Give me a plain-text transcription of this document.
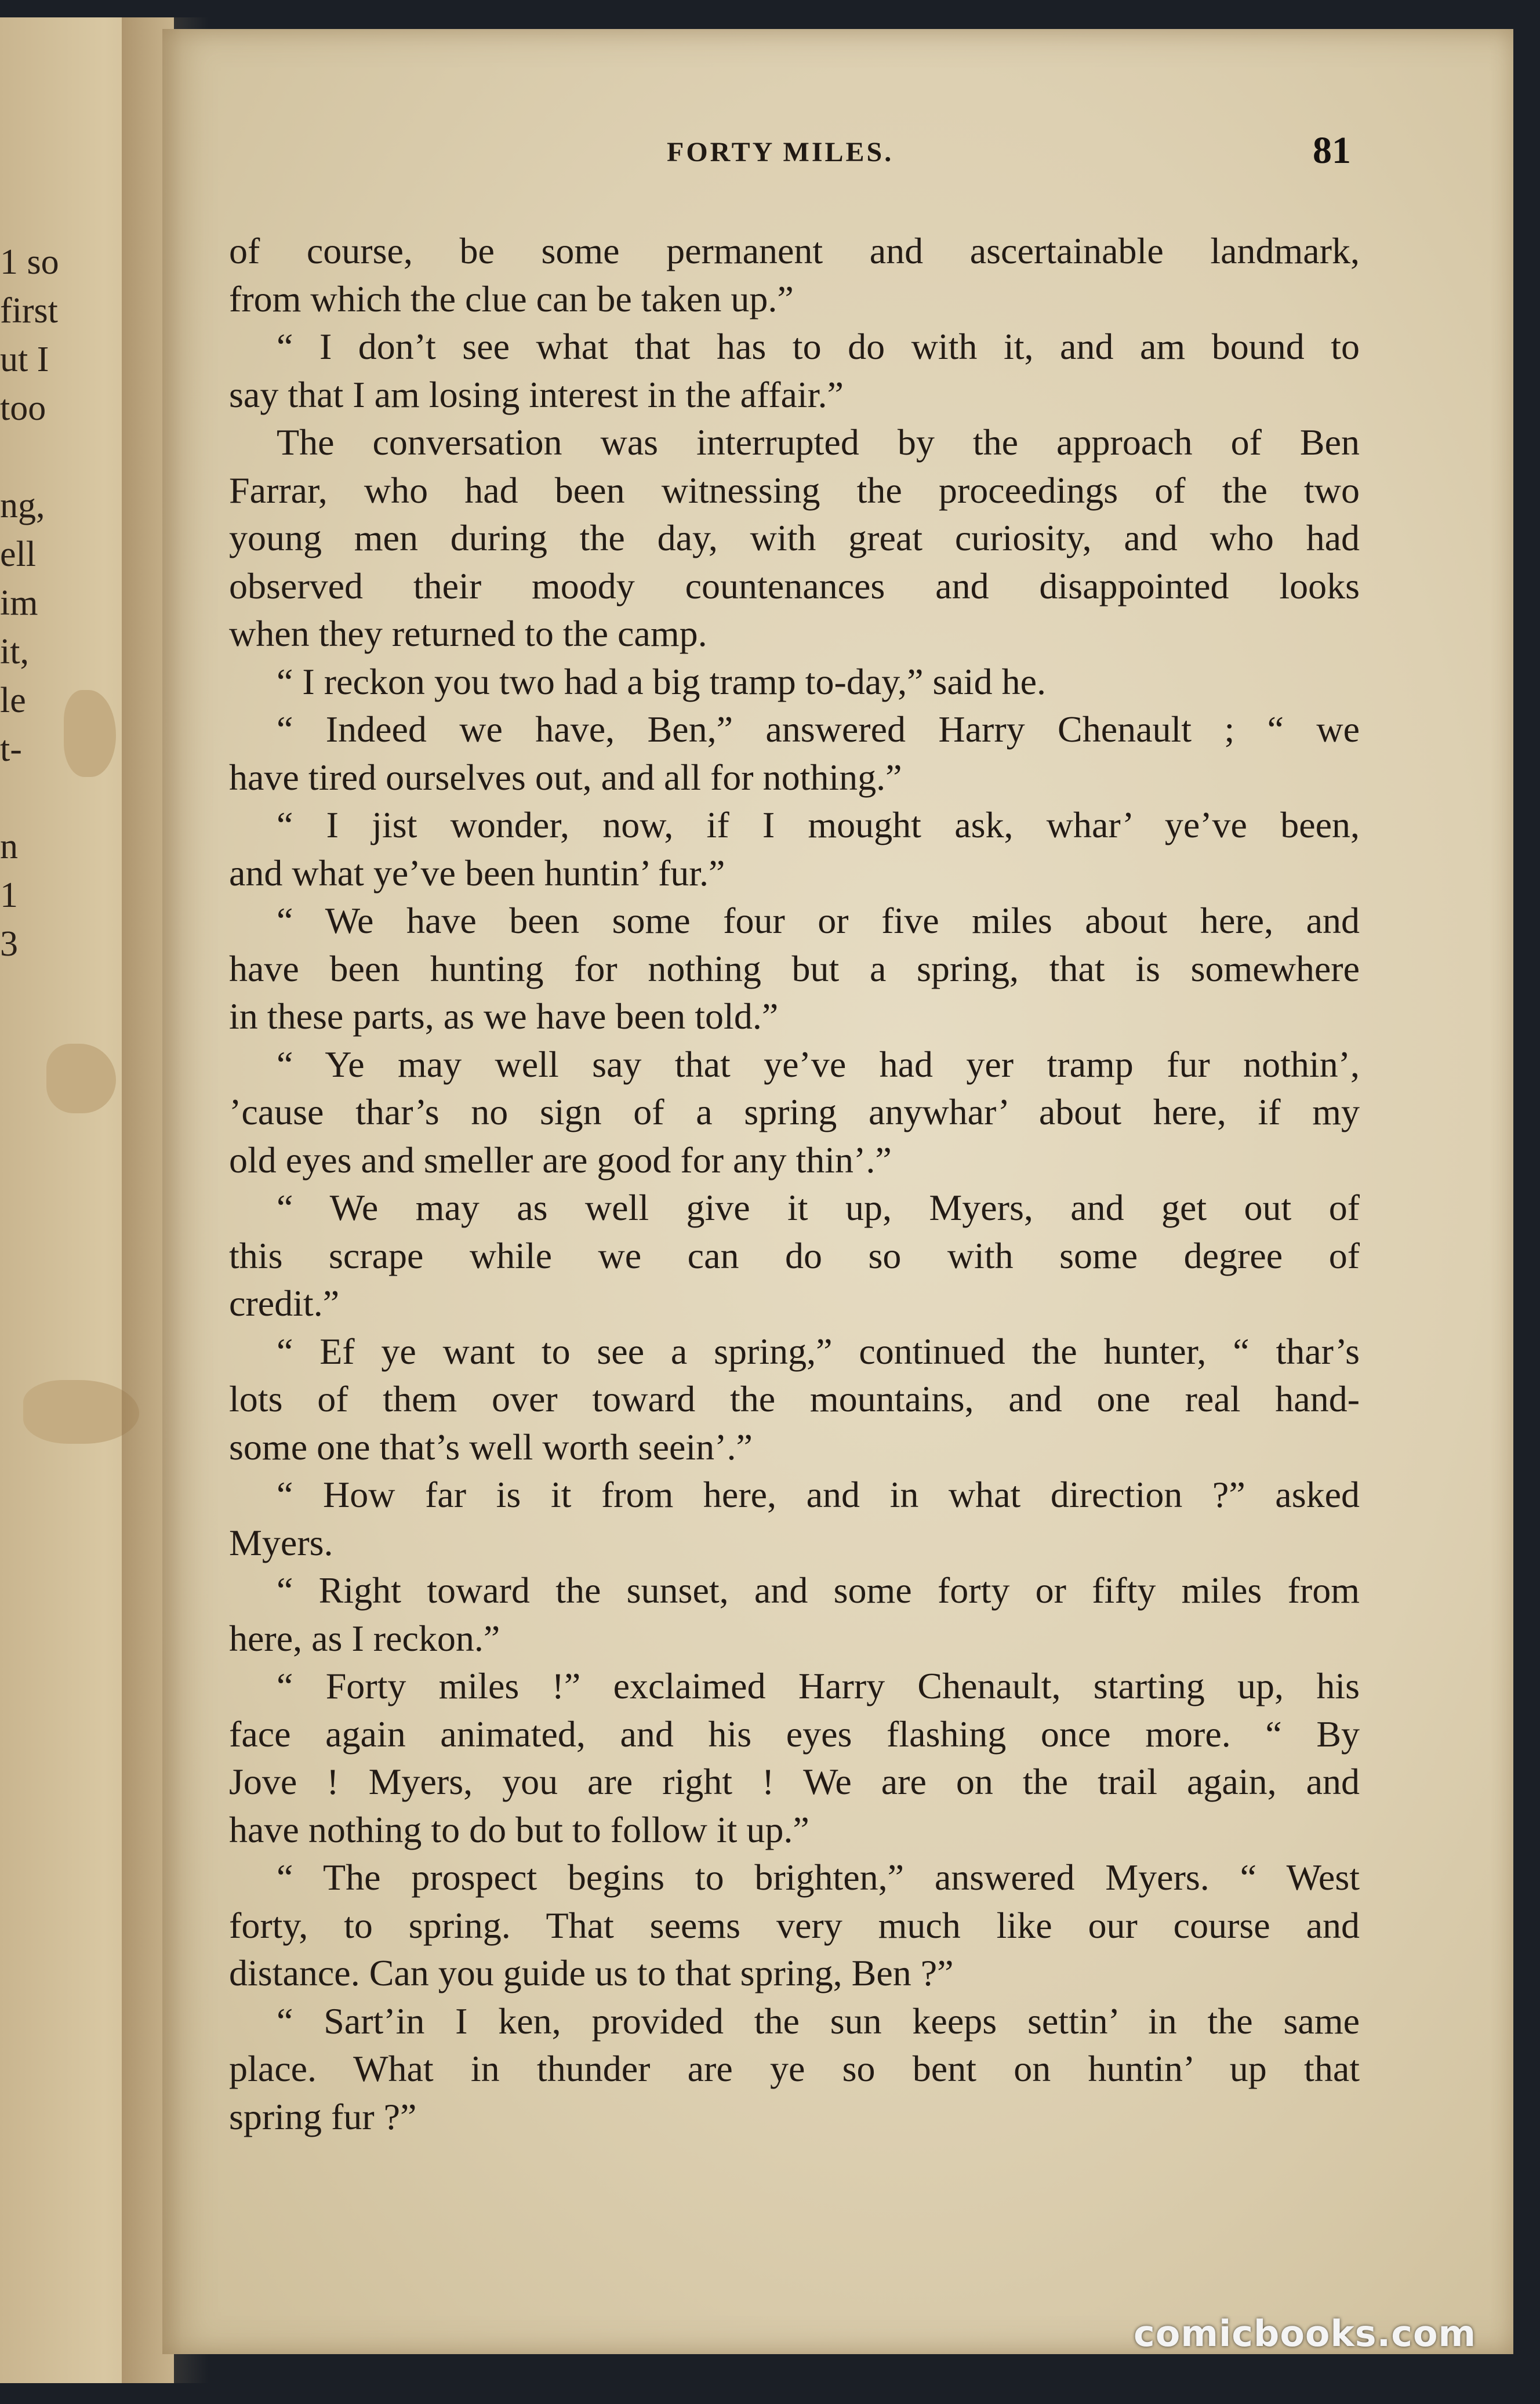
1 so
first
ut I
too
ng,
ell
im
it,
le
t-
n
1
3
FORTY MILES.	81
of course, be some permanent and ascertainable landmark,
from which the clue can be taken up.”
“ I don’t see what that has to do with it, and am bound to
say that I am losing interest in the affair.”
The conversation was interrupted by the approach of Ben
Farrar, who had been witnessing the proceedings of the two
young men during the day, with great curiosity, and who had
observed their moody countenances and disappointed looks
when they returned to the camp.
“ I reckon you two had a big tramp to-day,” said he.
“ Indeed we have, Ben,” answered Harry Chenault ; “ we
have tired ourselves out, and all for nothing.”
“ I jist wonder, now, if I mought ask, whar’ ye’ve been,
and what ye’ve been huntin’ fur.”
“ We have been some four or five miles about here, and
have been hunting for nothing but a spring, that is somewhere
in these parts, as we have been told.”
“ Ye may well say that ye’ve had yer tramp fur nothin’,
’cause thar’s no sign of a spring anywhar’ about here, if my
old eyes and smeller are good for any thin’.”
“ We may as well give it up, Myers, and get out of
this scrape while we can do so with some degree of
credit.”
“ Ef ye want to see a spring,” continued the hunter, “ thar’s
lots of them over toward the mountains, and one real hand-
some one that’s well worth seein’.”
“ How far is it from here, and in what direction ?” asked
Myers.
“ Right toward the sunset, and some forty or fifty miles from
here, as I reckon.”
“ Forty miles !” exclaimed Harry Chenault, starting up, his
face again animated, and his eyes flashing once more. “ By
Jove ! Myers, you are right ! We are on the trail again, and
have nothing to do but to follow it up.”
“ The prospect begins to brighten,” answered Myers. “ West
forty, to spring. That seems very much like our course and
distance. Can you guide us to that spring, Ben ?”
“ Sart’in I ken, provided the sun keeps settin’ in the same
place. What in thunder are ye so bent on huntin’ up that
spring fur ?”
comicbooks.com
